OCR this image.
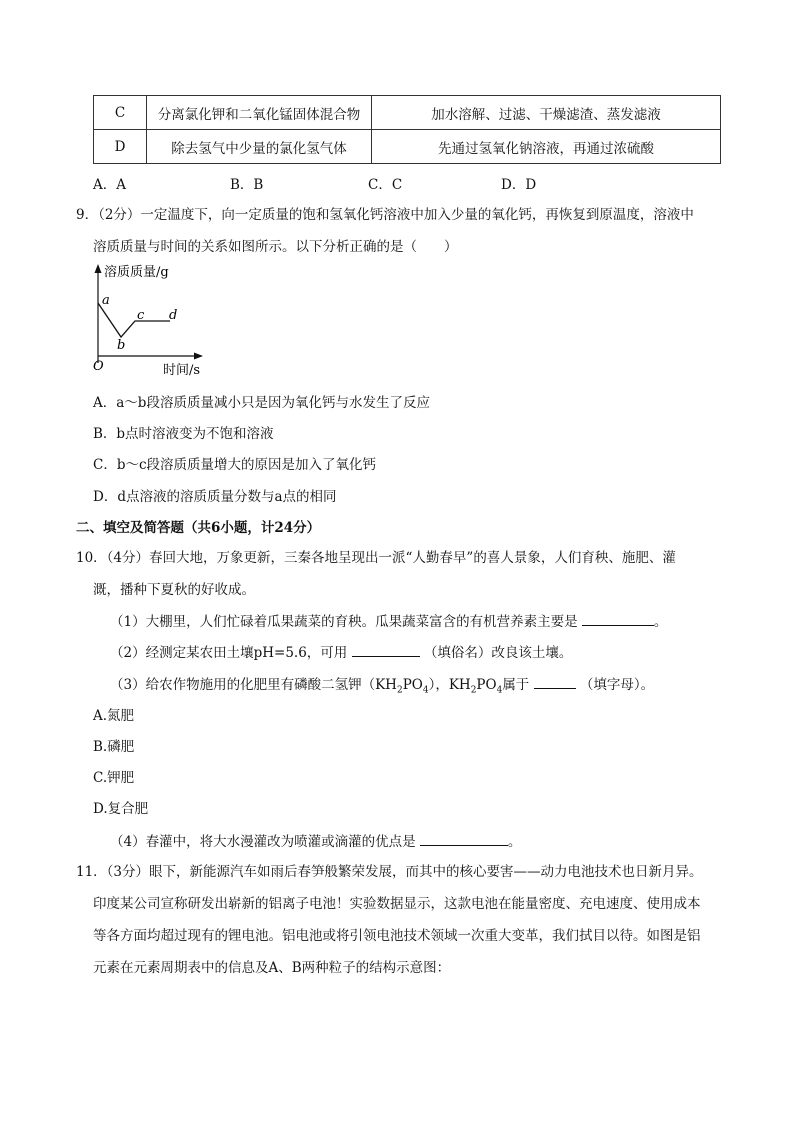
C	分离氯化钾和二氧化锰固体混合物	加水溶解、过滤、干燥滤渣、蒸发滤液
D	除去氢气中少量的氯化氢气体	先通过氢氧化钠溶液，再通过浓硫酸
A．A	B．B	C．C	D．D
9．（2分）一定温度下，向一定质量的饱和氢氧化钙溶液中加入少量的氧化钙，再恢复到原温度，溶液中
溶质质量与时间的关系如图所示。以下分析正确的是（　　）
溶质质量/g
时间/s
O
a
b
c d
A．a～b段溶质质量减小只是因为氧化钙与水发生了反应
B．b点时溶液变为不饱和溶液
C．b～c段溶质质量增大的原因是加入了氧化钙
D．d点溶液的溶质质量分数与a点的相同
二、填空及简答题（共6小题，计24分）
10．（4分）春回大地，万象更新，三秦各地呈现出一派“人勤春早”的喜人景象，人们育秧、施肥、灌
溉，播种下夏秋的好收成。
（1）大棚里，人们忙碌着瓜果蔬菜的育秧。瓜果蔬菜富含的有机营养素主要是	。
（2）经测定某农田土壤pH=5.6，可用	（填俗名）改良该土壤。
（3）给农作物施用的化肥里有磷酸二氢钾$(KH_2PO_4)$，$KH_2PO_4$属于	（填字母）。
A.氮肥
B.磷肥
C.钾肥
D.复合肥
（4）春灌中，将大水漫灌改为喷灌或滴灌的优点是	。
11．（3分）眼下，新能源汽车如雨后春笋般繁荣发展，而其中的核心要害——动力电池技术也日新月异。
印度某公司宣称研发出崭新的铝离子电池！实验数据显示，这款电池在能量密度、充电速度、使用成本
等各方面均超过现有的锂电池。铝电池或将引领电池技术领域一次重大变革，我们拭目以待。如图是铝
元素在元素周期表中的信息及A、B两种粒子的结构示意图：
